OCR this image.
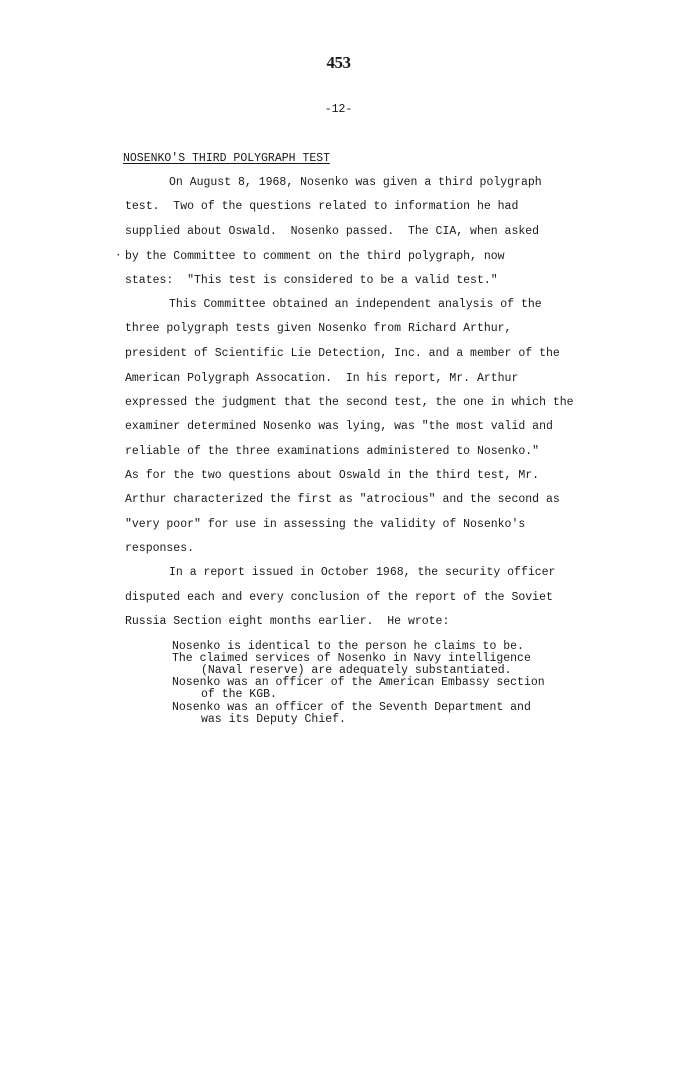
453
-12-
NOSENKO'S THIRD POLYGRAPH TEST
·
On August 8, 1968, Nosenko was given a third polygraph
test.  Two of the questions related to information he had
supplied about Oswald.  Nosenko passed.  The CIA, when asked
by the Committee to comment on the third polygraph, now
states:  "This test is considered to be a valid test."
This Committee obtained an independent analysis of the
three polygraph tests given Nosenko from Richard Arthur,
president of Scientific Lie Detection, Inc. and a member of the
American Polygraph Assocation.  In his report, Mr. Arthur
expressed the judgment that the second test, the one in which the
examiner determined Nosenko was lying, was "the most valid and
reliable of the three examinations administered to Nosenko."
As for the two questions about Oswald in the third test, Mr.
Arthur characterized the first as "atrocious" and the second as
"very poor" for use in assessing the validity of Nosenko's
responses.
In a report issued in October 1968, the security officer
disputed each and every conclusion of the report of the Soviet
Russia Section eight months earlier.  He wrote:
Nosenko is identical to the person he claims to be.
The claimed services of Nosenko in Navy intelligence
(Naval reserve) are adequately substantiated.
Nosenko was an officer of the American Embassy section
of the KGB.
Nosenko was an officer of the Seventh Department and
was its Deputy Chief.
